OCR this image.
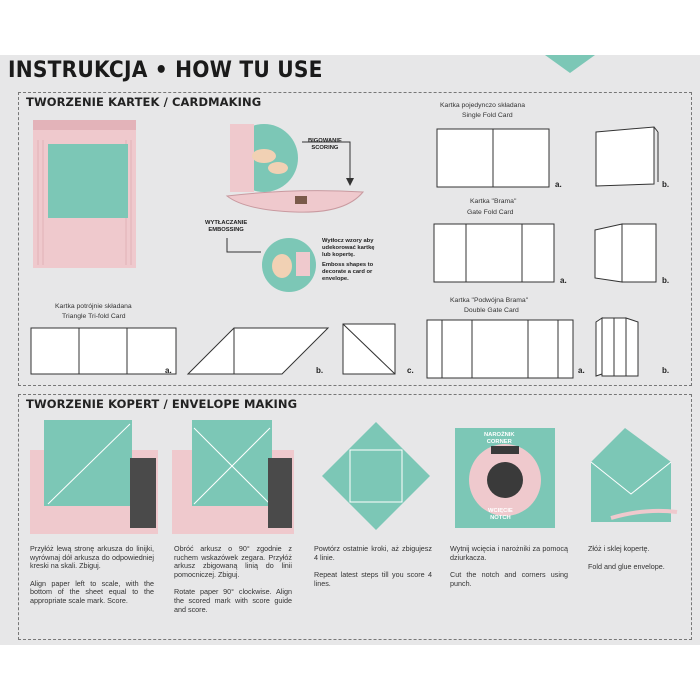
INSTRUKCJA • HOW TU USE
TWORZENIE KARTEK / CARDMAKING
BIGOWANIE
SCORING
WYTŁACZANIE
EMBOSSING
Wytłocz wzory aby udekorować kartkę lub kopertę.
Emboss shapes to decorate a card or envelope.
Kartka pojedynczo składana
Single Fold Card
a.	b.
Kartka "Brama"
Gate Fold Card
a.	b.
Kartka potrójnie składana
Triangle Tri-fold Card
a.	b.	c.
Kartka "Podwójna Brama"
Double Gate Card
a.	b.
TWORZENIE KOPERT / ENVELOPE MAKING
NAROŻNIK
CORNER
WCIĘCIE
NOTCH

Przyłóż lewą stronę arkusza do linijki, wyrównaj dół arkusza do odpowiedniej kreski na skali. Zbiguj.

Align paper left to scale, with the bottom of the sheet equal to the appropriate scale mark. Score.

Obróć arkusz o 90° zgodnie z ruchem wskazówek zegara. Przyłóż arkusz zbigowaną linią do linii pomocniczej. Zbiguj.

Rotate paper 90° clockwise. Align the scored mark with score guide and score.

Powtórz ostatnie kroki, aż zbigujesz 4 linie.

Repeat latest steps till you score 4 lines.

Wytnij wcięcia i narożniki za pomocą dziurkacza.

Cut the notch and corners using punch.

Złóż i sklej kopertę.

Fold and glue envelope.
